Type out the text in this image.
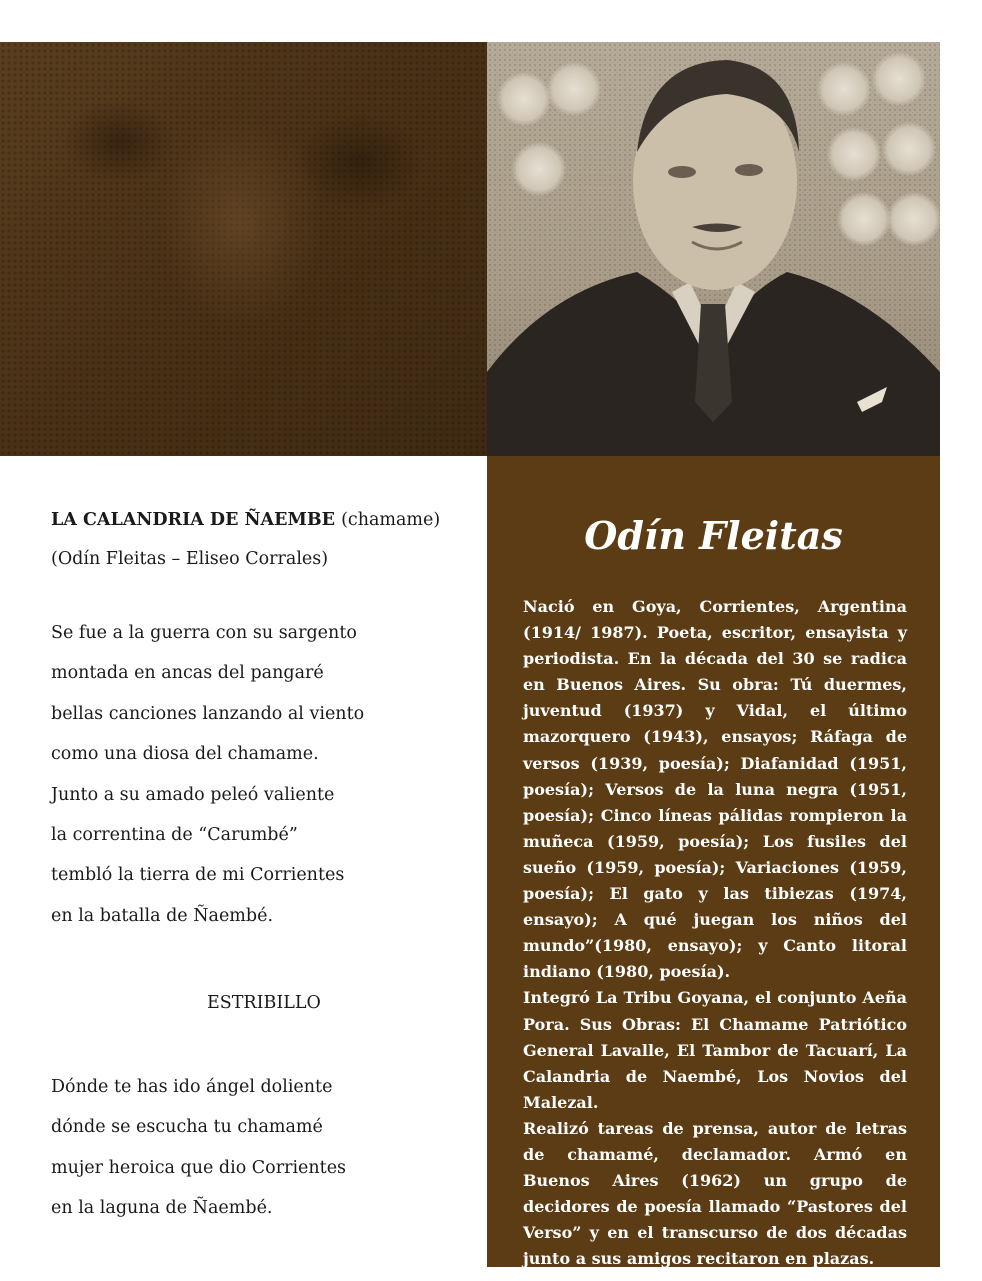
LA CALANDRIA DE ÑAEMBE (chamame)

(Odín Fleitas – Eliseo Corrales)

Se fue a la guerra con su sargento

montada en ancas del pangaré

bellas canciones lanzando al viento

como una diosa del chamame.

Junto a su amado peleó valiente

la correntina de “Carumbé”

tembló la tierra de mi Corrientes

en la batalla de Ñaembé.

ESTRIBILLO

Dónde te has ido ángel doliente

dónde se escucha tu chamamé

mujer heroica que dio Corrientes

en la laguna de Ñaembé.

Odín Fleitas

Nació en Goya, Corrientes, Argentina (1914/ 1987). Poeta, escritor, ensayista y periodista. En la década del 30 se radica en Buenos Aires. Su obra: Tú duermes, juventud (1937) y Vidal, el último mazorquero (1943), ensayos; Ráfaga de versos (1939, poesía); Diafanidad (1951, poesía); Versos de la luna negra (1951, poesía); Cinco líneas pálidas rompieron la muñeca (1959, poesía); Los fusiles del sueño (1959, poesía); Variaciones (1959, poesía); El gato y las tibiezas (1974, ensayo); A qué juegan los niños del mundo”(1980, ensayo); y Canto litoral indiano (1980, poesía).

Integró La Tribu Goyana, el conjunto Aeña Pora. Sus Obras: El Chamame Patriótico General Lavalle, El Tambor de Tacuarí, La Calandria de Naembé, Los Novios del Malezal.

Realizó tareas de prensa, autor de letras de chamamé, declamador. Armó en Buenos Aires (1962) un grupo de decidores de poesía llamado “Pastores del Verso” y en el transcurso de dos décadas junto a sus amigos recitaron en plazas.
